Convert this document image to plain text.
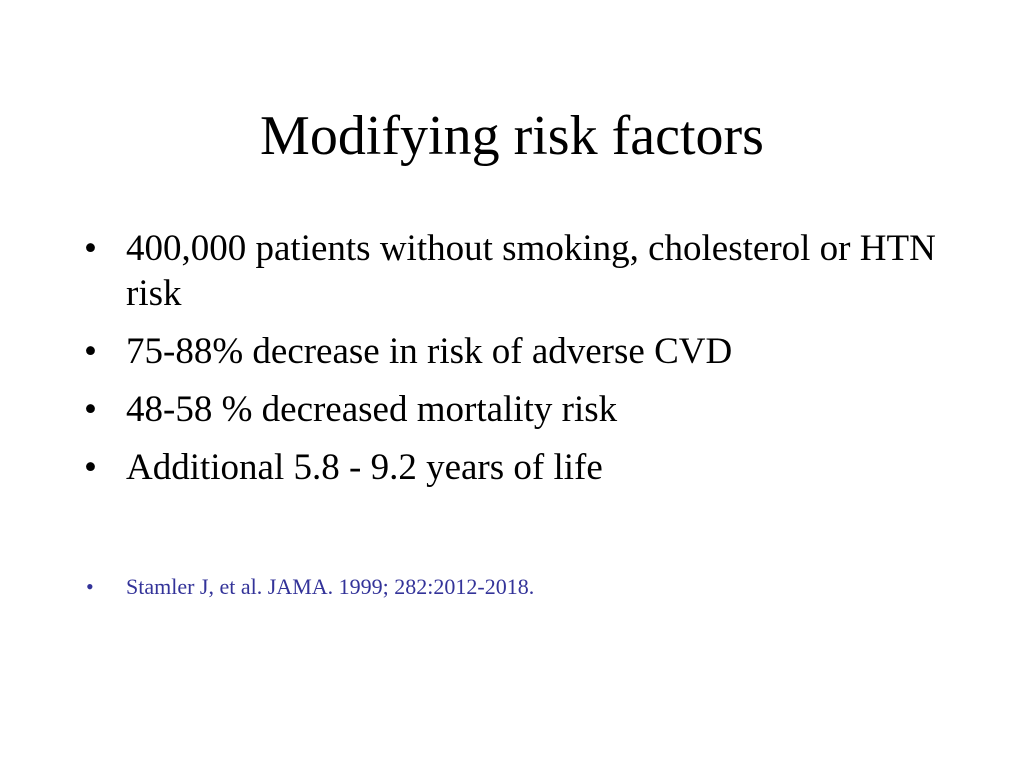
Modifying risk factors
• 400,000 patients without smoking, cholesterol or HTN risk
• 75-88% decrease in risk of adverse CVD
• 48-58 % decreased mortality risk
• Additional 5.8 - 9.2 years of life
•	Stamler J, et al. JAMA. 1999; 282:2012-2018.
